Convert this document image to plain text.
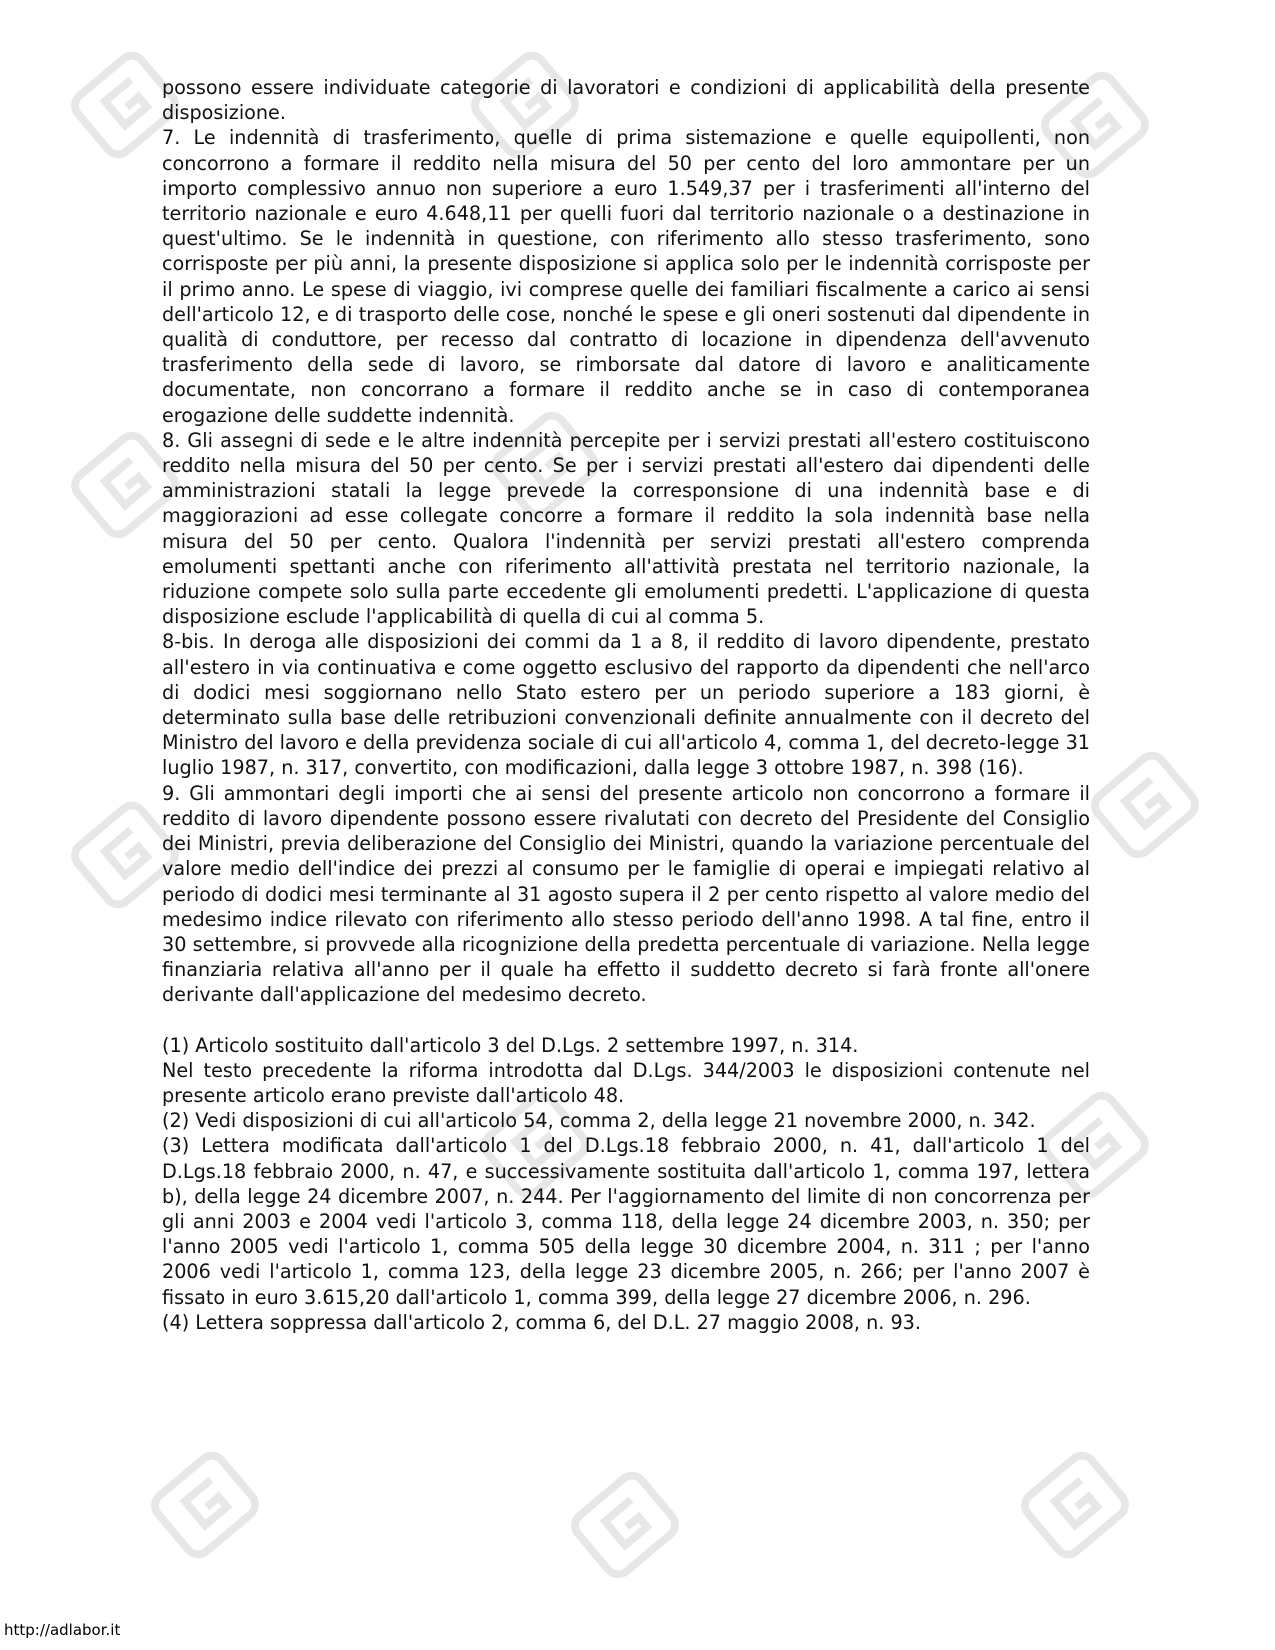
possono essere individuate categorie di lavoratori e condizioni di applicabilità della presente disposizione.

7. Le indennità di trasferimento, quelle di prima sistemazione e quelle equipollenti, non concorrono a formare il reddito nella misura del 50 per cento del loro ammontare per un importo complessivo annuo non superiore a euro 1.549,37 per i trasferimenti all'interno del territorio nazionale e euro 4.648,11 per quelli fuori dal territorio nazionale o a destinazione in quest'ultimo. Se le indennità in questione, con riferimento allo stesso trasferimento, sono corrisposte per più anni, la presente disposizione si applica solo per le indennità corrisposte per il primo anno. Le spese di viaggio, ivi comprese quelle dei familiari fiscalmente a carico ai sensi dell'articolo 12, e di trasporto delle cose, nonché le spese e gli oneri sostenuti dal dipendente in qualità di conduttore, per recesso dal contratto di locazione in dipendenza dell'avvenuto trasferimento della sede di lavoro, se rimborsate dal datore di lavoro e analiticamente documentate, non concorrano a formare il reddito anche se in caso di contemporanea erogazione delle suddette indennità.

8. Gli assegni di sede e le altre indennità percepite per i servizi prestati all'estero costituiscono reddito nella misura del 50 per cento. Se per i servizi prestati all'estero dai dipendenti delle amministrazioni statali la legge prevede la corresponsione di una indennità base e di maggiorazioni ad esse collegate concorre a formare il reddito la sola indennità base nella misura del 50 per cento. Qualora l'indennità per servizi prestati all'estero comprenda emolumenti spettanti anche con riferimento all'attività prestata nel territorio nazionale, la riduzione compete solo sulla parte eccedente gli emolumenti predetti. L'applicazione di questa disposizione esclude l'applicabilità di quella di cui al comma 5.

8-bis. In deroga alle disposizioni dei commi da 1 a 8, il reddito di lavoro dipendente, prestato all'estero in via continuativa e come oggetto esclusivo del rapporto da dipendenti che nell'arco di dodici mesi soggiornano nello Stato estero per un periodo superiore a 183 giorni, è determinato sulla base delle retribuzioni convenzionali definite annualmente con il decreto del Ministro del lavoro e della previdenza sociale di cui all'articolo 4, comma 1, del decreto-legge 31 luglio 1987, n. 317, convertito, con modificazioni, dalla legge 3 ottobre 1987, n. 398 (16).

9. Gli ammontari degli importi che ai sensi del presente articolo non concorrono a formare il reddito di lavoro dipendente possono essere rivalutati con decreto del Presidente del Consiglio dei Ministri, previa deliberazione del Consiglio dei Ministri, quando la variazione percentuale del valore medio dell'indice dei prezzi al consumo per le famiglie di operai e impiegati relativo al periodo di dodici mesi terminante al 31 agosto supera il 2 per cento rispetto al valore medio del medesimo indice rilevato con riferimento allo stesso periodo dell'anno 1998. A tal fine, entro il 30 settembre, si provvede alla ricognizione della predetta percentuale di variazione. Nella legge finanziaria relativa all'anno per il quale ha effetto il suddetto decreto si farà fronte all'onere derivante dall'applicazione del medesimo decreto.

(1) Articolo sostituito dall'articolo 3 del D.Lgs. 2 settembre 1997, n. 314.

Nel testo precedente la riforma introdotta dal D.Lgs. 344/2003 le disposizioni contenute nel presente articolo erano previste dall'articolo 48.

(2) Vedi disposizioni di cui all'articolo 54, comma 2, della legge 21 novembre 2000, n. 342.

(3) Lettera modificata dall'articolo 1 del D.Lgs.18 febbraio 2000, n. 41, dall'articolo 1 del D.Lgs.18 febbraio 2000, n. 47, e successivamente sostituita dall'articolo 1, comma 197, lettera b), della legge 24 dicembre 2007, n. 244. Per l'aggiornamento del limite di non concorrenza per gli anni 2003 e 2004 vedi l'articolo 3, comma 118, della legge 24 dicembre 2003, n. 350; per l'anno 2005 vedi l'articolo 1, comma 505 della legge 30 dicembre 2004, n. 311 ; per l'anno 2006 vedi l'articolo 1, comma 123, della legge 23 dicembre 2005, n. 266; per l'anno 2007 è fissato in euro 3.615,20 dall'articolo 1, comma 399, della legge 27 dicembre 2006, n. 296.

(4) Lettera soppressa dall'articolo 2, comma 6, del D.L. 27 maggio 2008, n. 93.

http://adlabor.it
